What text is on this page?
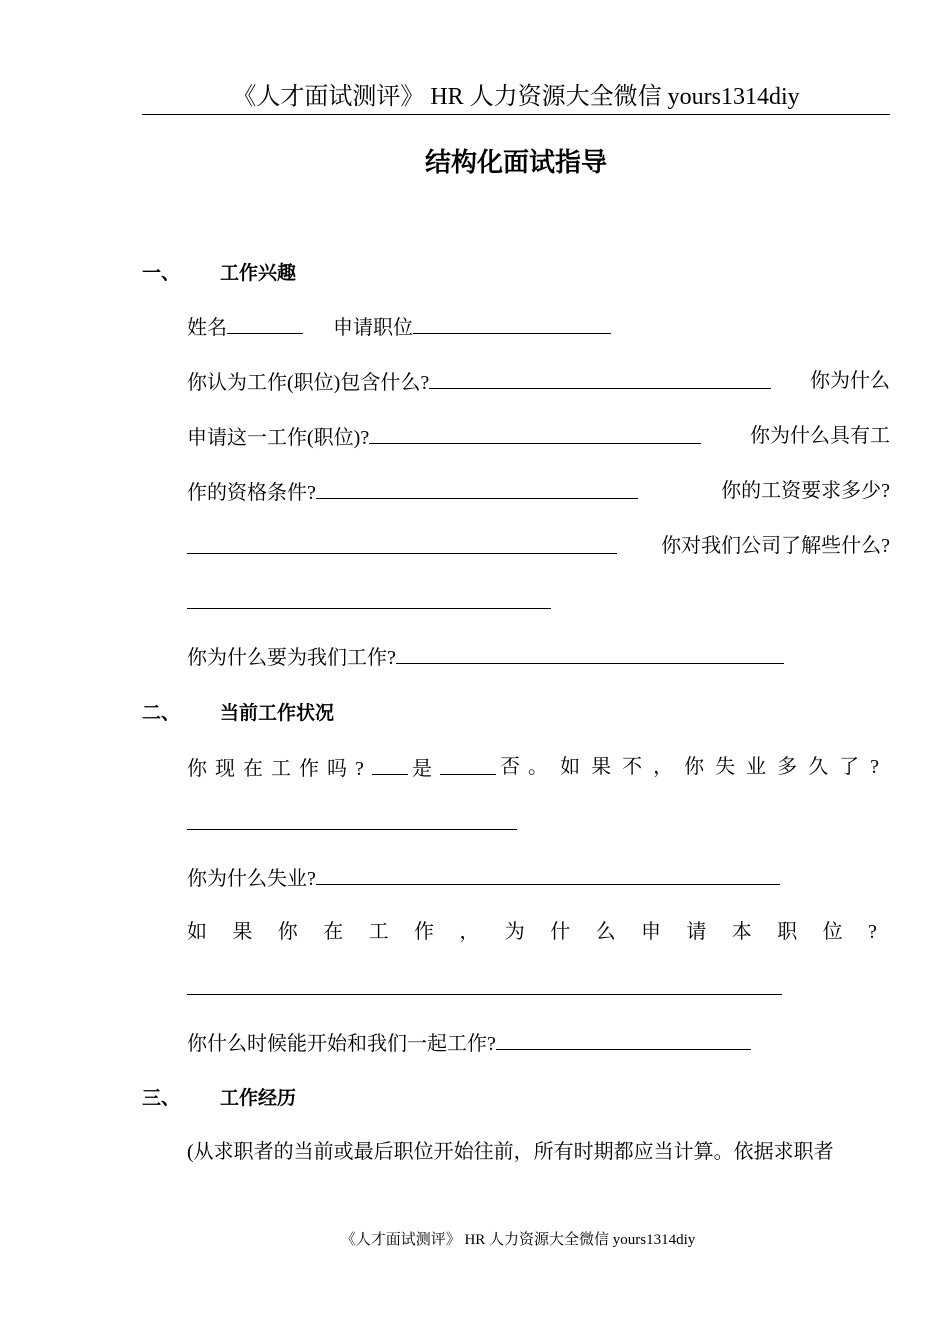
《人才面试测评》 HR 人力资源大全微信 yours1314diy
结构化面试指导
一、 工作兴趣
姓名	申请职位
你认为工作(职位)包含什么?	你为什么
申请这一工作(职位)?	你为什么具有工
作的资格条件?	你的工资要求多少?
你对我们公司了解些什么?
你为什么要为我们工作?
二、 当前工作状况
你现在工作吗?	是	否。 如果不，你失业多久了?
你为什么失业?
如果你在工作，为什么申请本职位?
你什么时候能开始和我们一起工作?
三、 工作经历
(从求职者的当前或最后职位开始往前，所有时期都应当计算。依据求职者
《人才面试测评》 HR 人力资源大全微信 yours1314diy
